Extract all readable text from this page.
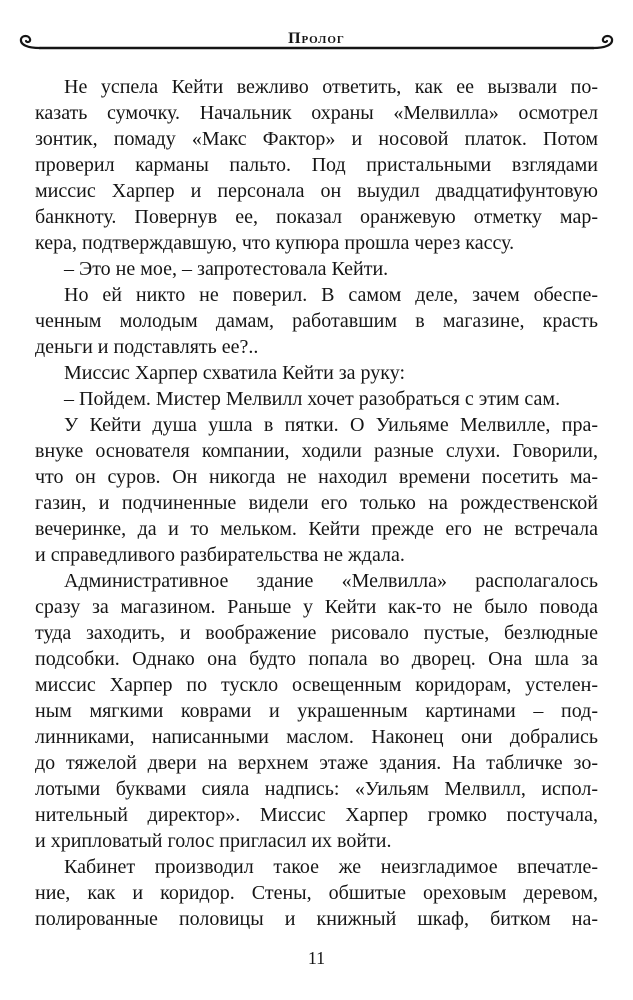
Пролог
Не успела Кейти вежливо ответить, как ее вызвали по-
казать сумочку. Начальник охраны «Мелвилла» осмотрел
зонтик, помаду «Макс Фактор» и носовой платок. Потом
проверил карманы пальто. Под пристальными взглядами
миссис Харпер и персонала он выудил двадцатифунтовую
банкноту. Повернув ее, показал оранжевую отметку мар-
кера, подтверждавшую, что купюра прошла через кассу.
– Это не мое, – запротестовала Кейти.
Но ей никто не поверил. В самом деле, зачем обеспе-
ченным молодым дамам, работавшим в магазине, красть
деньги и подставлять ее?..
Миссис Харпер схватила Кейти за руку:
– Пойдем. Мистер Мелвилл хочет разобраться с этим сам.
У Кейти душа ушла в пятки. О Уильяме Мелвилле, пра-
внуке основателя компании, ходили разные слухи. Говорили,
что он суров. Он никогда не находил времени посетить ма-
газин, и подчиненные видели его только на рождественской
вечеринке, да и то мельком. Кейти прежде его не встречала
и справедливого разбирательства не ждала.
Административное здание «Мелвилла» располагалось
сразу за магазином. Раньше у Кейти как-то не было повода
туда заходить, и воображение рисовало пустые, безлюдные
подсобки. Однако она будто попала во дворец. Она шла за
миссис Харпер по тускло освещенным коридорам, устелен-
ным мягкими коврами и украшенным картинами – под-
линниками, написанными маслом. Наконец они добрались
до тяжелой двери на верхнем этаже здания. На табличке зо-
лотыми буквами сияла надпись: «Уильям Мелвилл, испол-
нительный директор». Миссис Харпер громко постучала,
и хрипловатый голос пригласил их войти.
Кабинет производил такое же неизгладимое впечатле-
ние, как и коридор. Стены, обшитые ореховым деревом,
полированные половицы и книжный шкаф, битком на-
11
